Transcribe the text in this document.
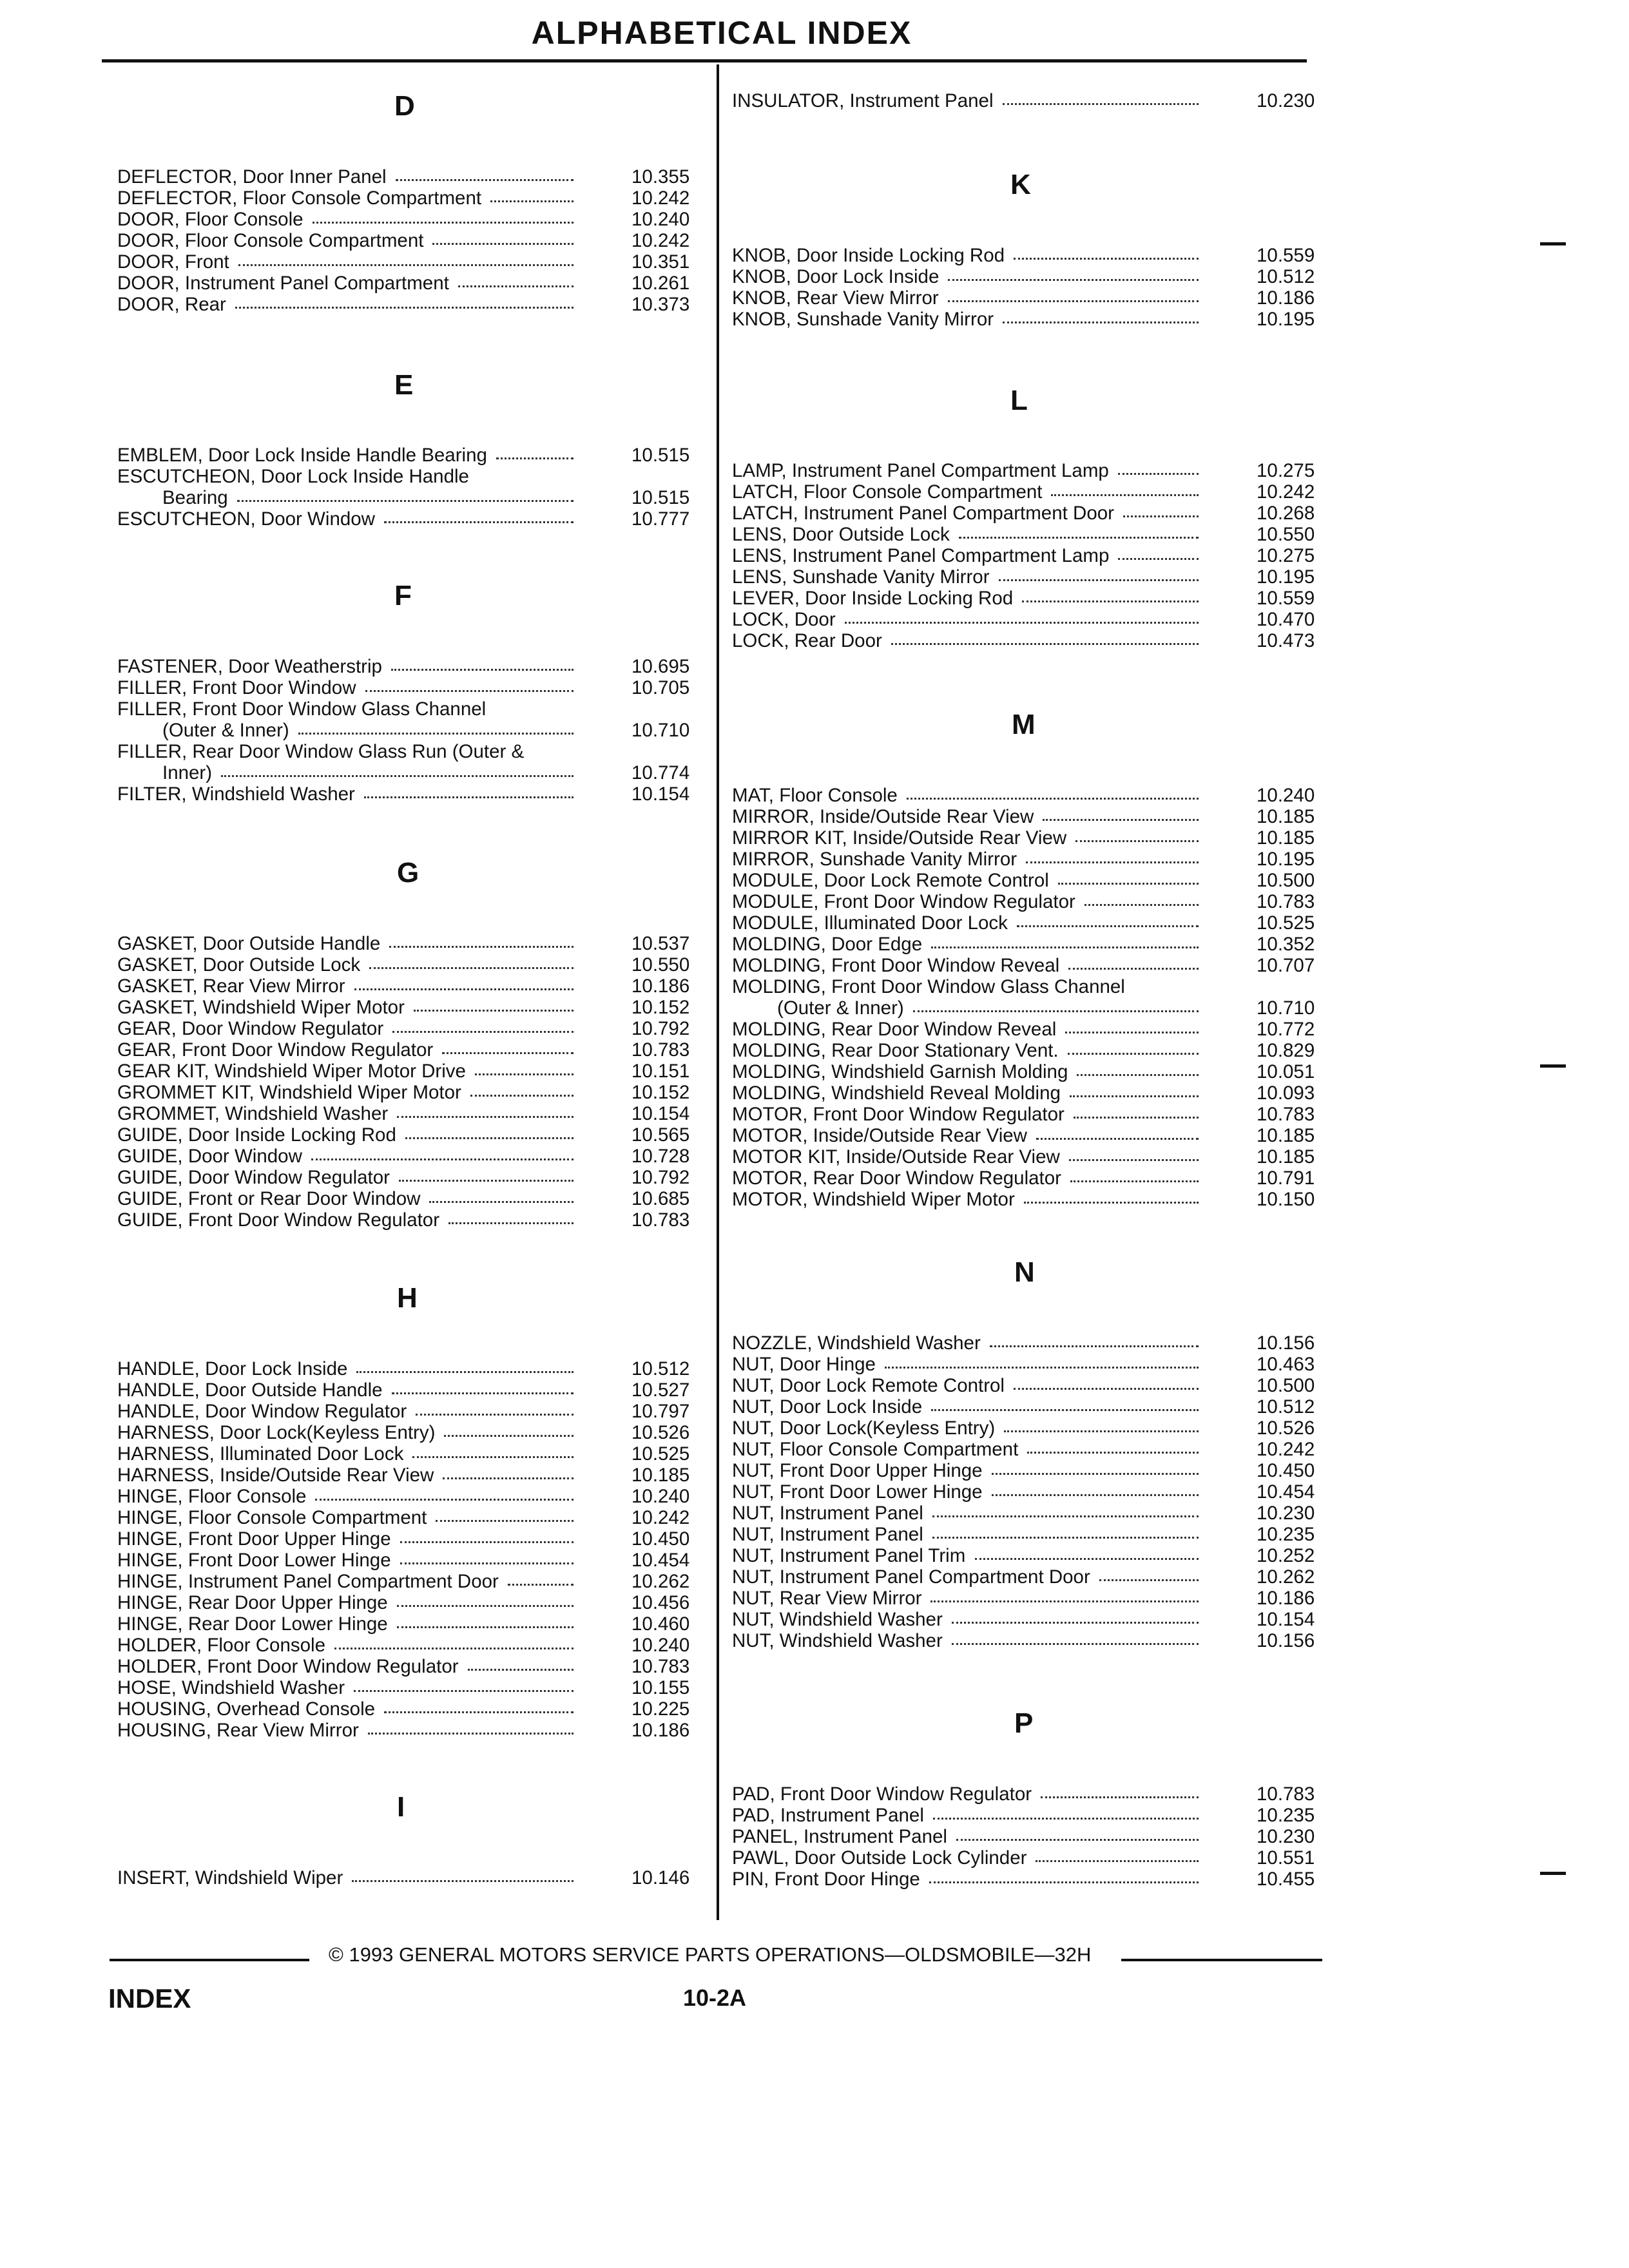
ALPHABETICAL INDEX
D
DEFLECTOR, Door Inner Panel	10.355
DEFLECTOR, Floor Console Compartment	10.242
DOOR, Floor Console	10.240
DOOR, Floor Console Compartment	10.242
DOOR, Front	10.351
DOOR, Instrument Panel Compartment	10.261
DOOR, Rear	10.373
E
EMBLEM, Door Lock Inside Handle Bearing	10.515
ESCUTCHEON, Door Lock Inside Handle
Bearing	10.515
ESCUTCHEON, Door Window	10.777
F
FASTENER, Door Weatherstrip	10.695
FILLER, Front Door Window	10.705
FILLER, Front Door Window Glass Channel
(Outer & Inner)	10.710
FILLER, Rear Door Window Glass Run (Outer &
Inner)	10.774
FILTER, Windshield Washer	10.154
G
GASKET, Door Outside Handle	10.537
GASKET, Door Outside Lock	10.550
GASKET, Rear View Mirror	10.186
GASKET, Windshield Wiper Motor	10.152
GEAR, Door Window Regulator	10.792
GEAR, Front Door Window Regulator	10.783
GEAR KIT, Windshield Wiper Motor Drive	10.151
GROMMET KIT, Windshield Wiper Motor	10.152
GROMMET, Windshield Washer	10.154
GUIDE, Door Inside Locking Rod	10.565
GUIDE, Door Window	10.728
GUIDE, Door Window Regulator	10.792
GUIDE, Front or Rear Door Window	10.685
GUIDE, Front Door Window Regulator	10.783
H
HANDLE, Door Lock Inside	10.512
HANDLE, Door Outside Handle	10.527
HANDLE, Door Window Regulator	10.797
HARNESS, Door Lock(Keyless Entry)	10.526
HARNESS, Illuminated Door Lock	10.525
HARNESS, Inside/Outside Rear View	10.185
HINGE, Floor Console	10.240
HINGE, Floor Console Compartment	10.242
HINGE, Front Door Upper Hinge	10.450
HINGE, Front Door Lower Hinge	10.454
HINGE, Instrument Panel Compartment Door	10.262
HINGE, Rear Door Upper Hinge	10.456
HINGE, Rear Door Lower Hinge	10.460
HOLDER, Floor Console	10.240
HOLDER, Front Door Window Regulator	10.783
HOSE, Windshield Washer	10.155
HOUSING, Overhead Console	10.225
HOUSING, Rear View Mirror	10.186
I
INSERT, Windshield Wiper	10.146
INSULATOR, Instrument Panel	10.230
K
KNOB, Door Inside Locking Rod	10.559
KNOB, Door Lock Inside	10.512
KNOB, Rear View Mirror	10.186
KNOB, Sunshade Vanity Mirror	10.195
L
LAMP, Instrument Panel Compartment Lamp	10.275
LATCH, Floor Console Compartment	10.242
LATCH, Instrument Panel Compartment Door	10.268
LENS, Door Outside Lock	10.550
LENS, Instrument Panel Compartment Lamp	10.275
LENS, Sunshade Vanity Mirror	10.195
LEVER, Door Inside Locking Rod	10.559
LOCK, Door	10.470
LOCK, Rear Door	10.473
M
MAT, Floor Console	10.240
MIRROR, Inside/Outside Rear View	10.185
MIRROR KIT, Inside/Outside Rear View	10.185
MIRROR, Sunshade Vanity Mirror	10.195
MODULE, Door Lock Remote Control	10.500
MODULE, Front Door Window Regulator	10.783
MODULE, Illuminated Door Lock	10.525
MOLDING, Door Edge	10.352
MOLDING, Front Door Window Reveal	10.707
MOLDING, Front Door Window Glass Channel
(Outer & Inner)	10.710
MOLDING, Rear Door Window Reveal	10.772
MOLDING, Rear Door Stationary Vent.	10.829
MOLDING, Windshield Garnish Molding	10.051
MOLDING, Windshield Reveal Molding	10.093
MOTOR, Front Door Window Regulator	10.783
MOTOR, Inside/Outside Rear View	10.185
MOTOR KIT, Inside/Outside Rear View	10.185
MOTOR, Rear Door Window Regulator	10.791
MOTOR, Windshield Wiper Motor	10.150
N
NOZZLE, Windshield Washer	10.156
NUT, Door Hinge	10.463
NUT, Door Lock Remote Control	10.500
NUT, Door Lock Inside	10.512
NUT, Door Lock(Keyless Entry)	10.526
NUT, Floor Console Compartment	10.242
NUT, Front Door Upper Hinge	10.450
NUT, Front Door Lower Hinge	10.454
NUT, Instrument Panel	10.230
NUT, Instrument Panel	10.235
NUT, Instrument Panel Trim	10.252
NUT, Instrument Panel Compartment Door	10.262
NUT, Rear View Mirror	10.186
NUT, Windshield Washer	10.154
NUT, Windshield Washer	10.156
P
PAD, Front Door Window Regulator	10.783
PAD, Instrument Panel	10.235
PANEL, Instrument Panel	10.230
PAWL, Door Outside Lock Cylinder	10.551
PIN, Front Door Hinge	10.455
© 1993 GENERAL MOTORS SERVICE PARTS OPERATIONS—OLDSMOBILE—32H
INDEX	10-2A
